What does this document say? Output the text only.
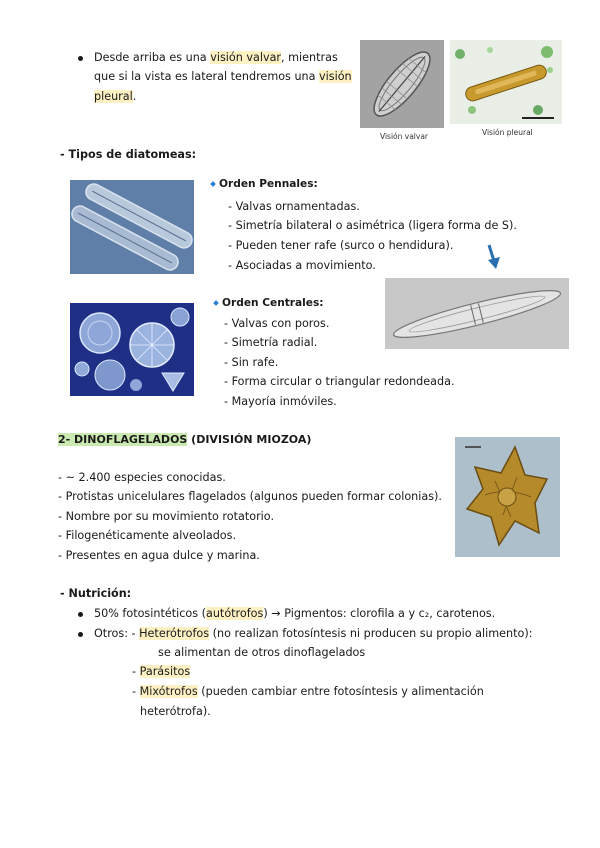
Desde arriba es una visión valvar, mientras
que si la vista es lateral tendremos una visión
pleural.
Visión valvar	Visión pleural
- Tipos de diatomeas:
Orden Pennales:
- Valvas ornamentadas.
- Simetría bilateral o asimétrica (ligera forma de S).
- Pueden tener rafe (surco o hendidura).
- Asociadas a movimiento.
Orden Centrales:
- Valvas con poros.
- Simetría radial.
- Sin rafe.
- Forma circular o triangular redondeada.
- Mayoría inmóviles.
2- DINOFLAGELADOS (DIVISIÓN MIOZOA)
- ~ 2.400 especies conocidas.
- Protistas unicelulares flagelados (algunos pueden formar colonias).
- Nombre por su movimiento rotatorio.
- Filogenéticamente alveolados.
- Presentes en agua dulce y marina.
- Nutrición:
50% fotosintéticos (autótrofos) → Pigmentos: clorofila a y c₂, carotenos.
Otros: - Heterótrofos (no realizan fotosíntesis ni producen su propio alimento):
se alimentan de otros dinoflagelados
- Parásitos
- Mixótrofos (pueden cambiar entre fotosíntesis y alimentación
heterótrofa).
